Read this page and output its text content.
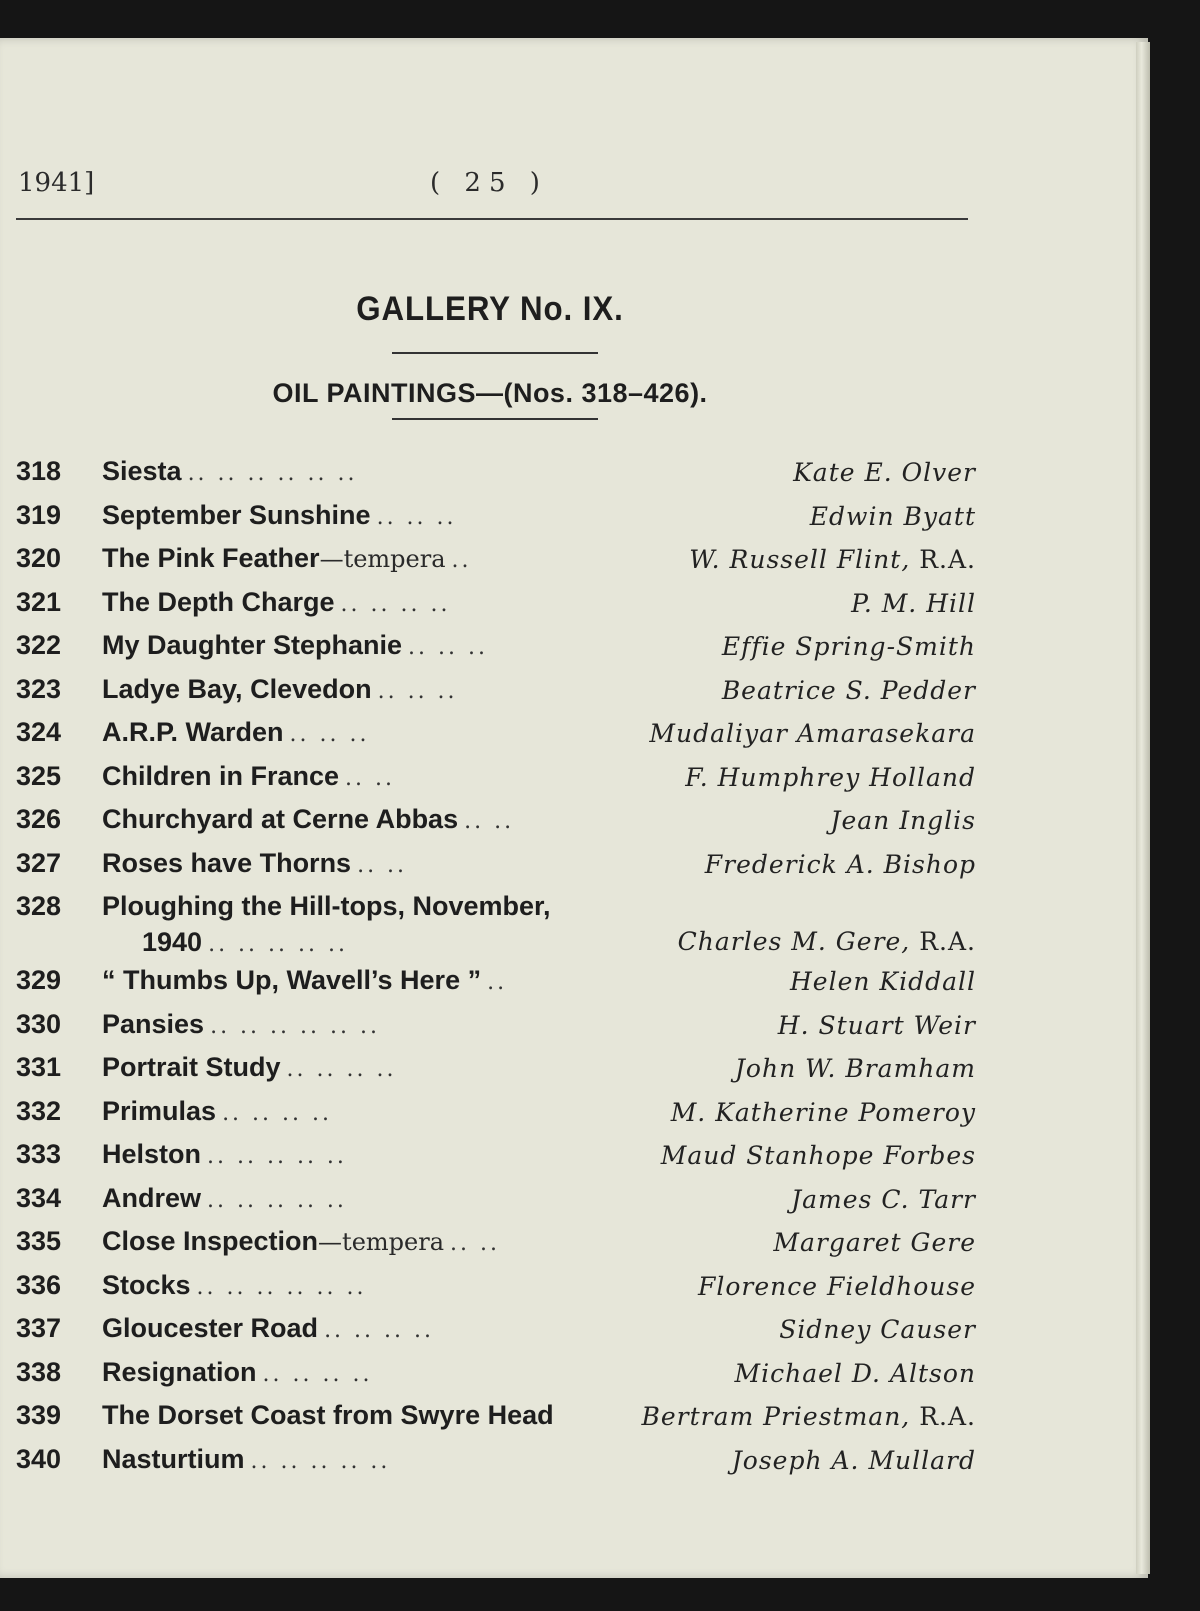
1941]	( 25 )
GALLERY No. IX.
OIL PAINTINGS—(Nos. 318–426).
318	Siesta .. .. .. .. .. ..	Kate E. Olver
319	September Sunshine .. .. ..	Edwin Byatt
320	The Pink Feather—tempera ..	W. Russell Flint, R.A.
321	The Depth Charge .. .. .. ..	P. M. Hill
322	My Daughter Stephanie .. .. ..	Effie Spring-Smith
323	Ladye Bay, Clevedon .. .. ..	Beatrice S. Pedder
324	A.R.P. Warden .. .. ..	Mudaliyar Amarasekara
325	Children in France .. ..	F. Humphrey Holland
326	Churchyard at Cerne Abbas .. ..	Jean Inglis
327	Roses have Thorns .. ..	Frederick A. Bishop
328	Ploughing the Hill-tops, November,
1940 .. .. .. .. ..	Charles M. Gere, R.A.
329	“ Thumbs Up, Wavell’s Here ” ..	Helen Kiddall
330	Pansies .. .. .. .. .. ..	H. Stuart Weir
331	Portrait Study .. .. .. ..	John W. Bramham
332	Primulas .. .. .. ..	M. Katherine Pomeroy
333	Helston .. .. .. .. ..	Maud Stanhope Forbes
334	Andrew .. .. .. .. ..	James C. Tarr
335	Close Inspection—tempera .. ..	Margaret Gere
336	Stocks .. .. .. .. .. ..	Florence Fieldhouse
337	Gloucester Road .. .. .. ..	Sidney Causer
338	Resignation .. .. .. ..	Michael D. Altson
339	The Dorset Coast from Swyre Head	Bertram Priestman, R.A.
340	Nasturtium .. .. .. .. ..	Joseph A. Mullard
